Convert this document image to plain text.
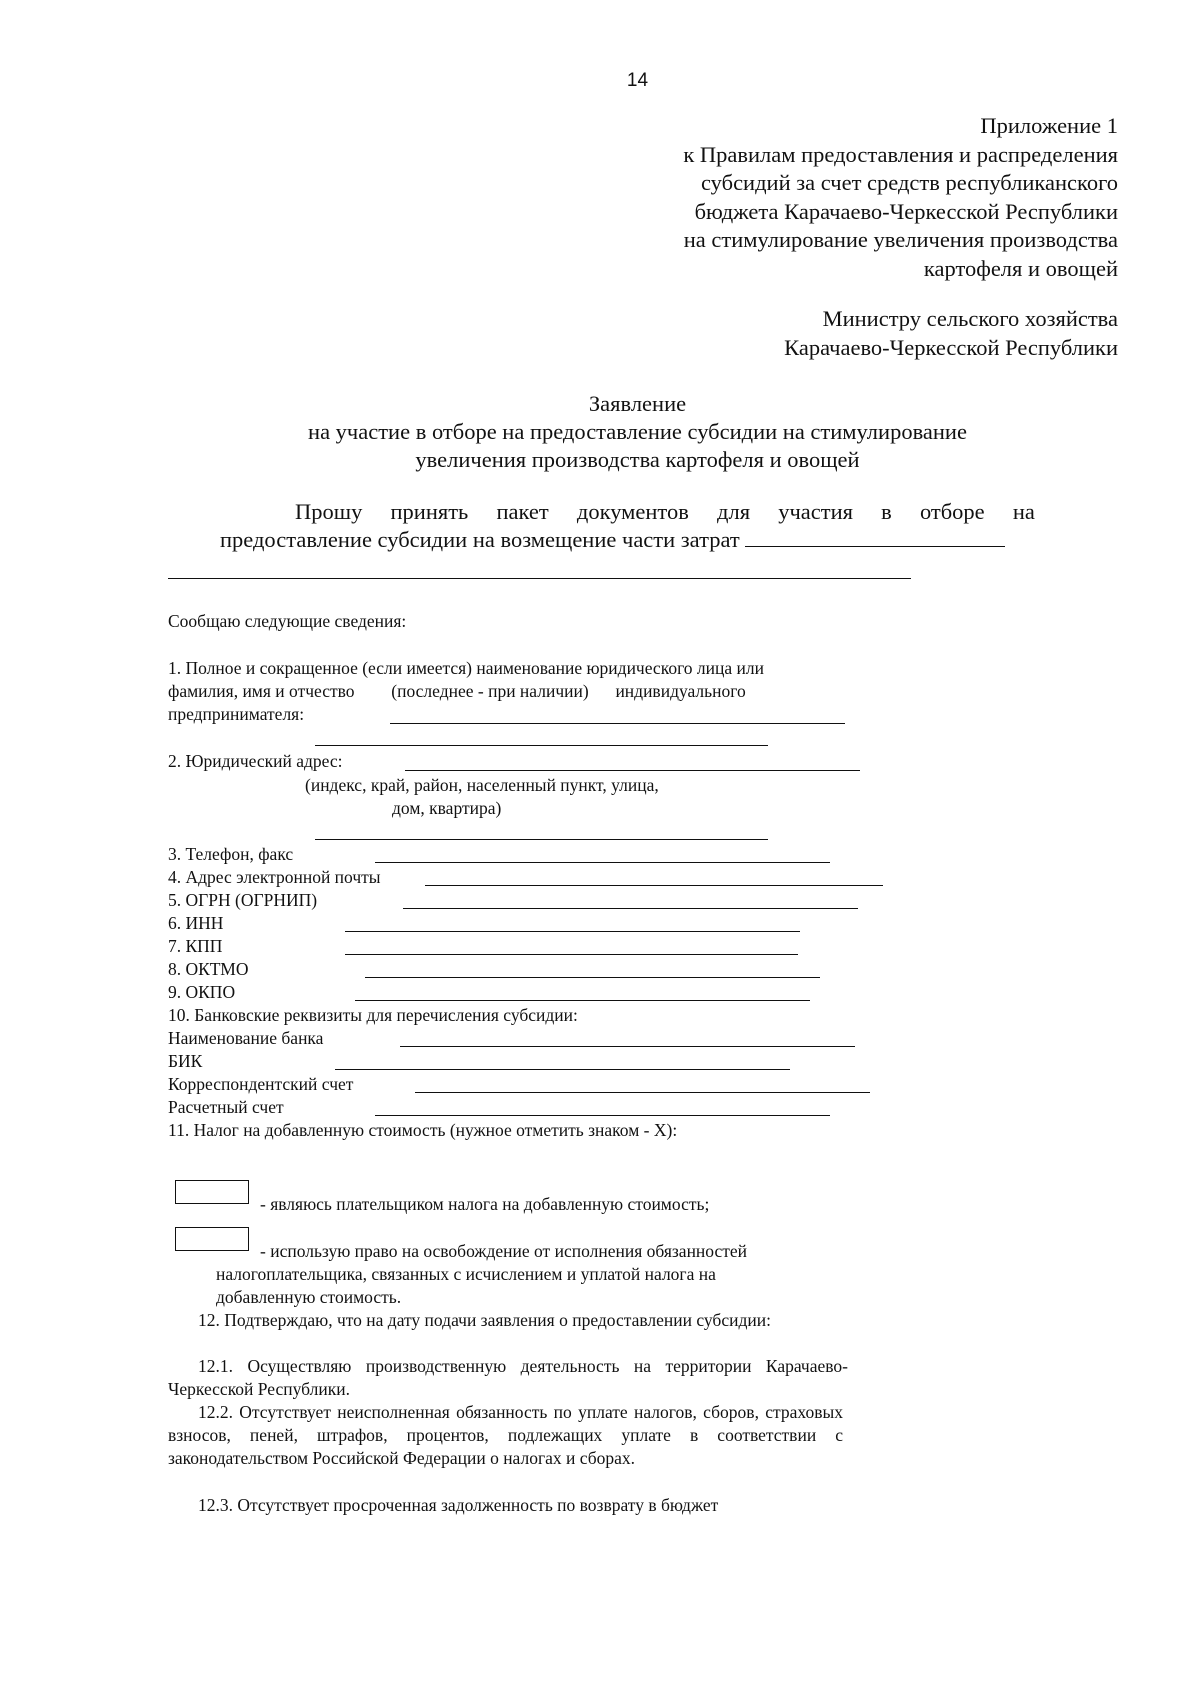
14
Приложение 1
к Правилам предоставления и распределения
субсидий за счет средств республиканского
бюджета Карачаево-Черкесской Республики
на стимулирование увеличения производства
картофеля и овощей
Министру сельского хозяйства
Карачаево-Черкесской Республики
Заявление
на участие в отборе на предоставление субсидии на стимулирование
увеличения производства картофеля и овощей
Прошу принять пакет документов для участия в отборе на
предоставление субсидии на возмещение части затрат
Сообщаю следующие сведения:
1. Полное и сокращенное (если имеется) наименование юридического лица или
фамилия, имя и отчество (последнее - при наличии) индивидуального
предпринимателя:
2. Юридический адрес:
(индекс, край, район, населенный пункт, улица,
дом, квартира)
3. Телефон, факс
4. Адрес электронной почты
5. ОГРН (ОГРНИП)
6. ИНН
7. КПП
8. ОКТМО
9. ОКПО
10. Банковские реквизиты для перечисления субсидии:
Наименование банка
БИК
Корреспондентский счет
Расчетный счет
11. Налог на добавленную стоимость (нужное отметить знаком - Х):
- являюсь плательщиком налога на добавленную стоимость;
- использую право на освобождение от исполнения обязанностей
налогоплательщика, связанных с исчислением и уплатой налога на
добавленную стоимость.
12. Подтверждаю, что на дату подачи заявления о предоставлении субсидии:
12.1. Осуществляю производственную деятельность на территории Карачаево-Черкесской Республики.
12.2. Отсутствует неисполненная обязанность по уплате налогов, сборов, страховых взносов, пеней, штрафов, процентов, подлежащих уплате в соответствии с законодательством Российской Федерации о налогах и сборах.
12.3. Отсутствует просроченная задолженность по возврату в бюджет
